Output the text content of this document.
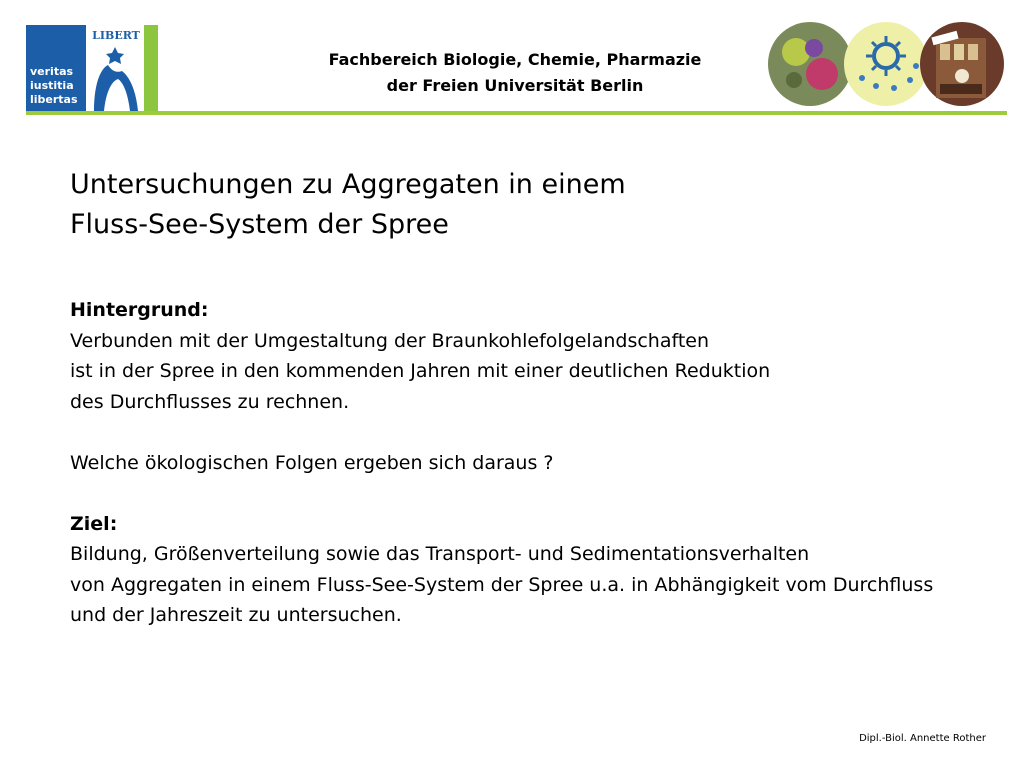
veritas
iustitia
libertas
LIBERT
Fachbereich Biologie, Chemie, Pharmazie
der Freien Universität Berlin
Untersuchungen zu Aggregaten in einem
Fluss-See-System der Spree
Hintergrund:
Verbunden mit der Umgestaltung der Braunkohlefolgelandschaften
ist in der Spree in den kommenden Jahren mit einer deutlichen Reduktion
des Durchflusses zu rechnen.
Welche ökologischen Folgen ergeben sich daraus ?
Ziel:
Bildung, Größenverteilung sowie das Transport- und Sedimentationsverhalten
von Aggregaten in einem Fluss-See-System der Spree u.a. in Abhängigkeit vom Durchfluss
und der Jahreszeit zu untersuchen.
Dipl.-Biol. Annette Rother
